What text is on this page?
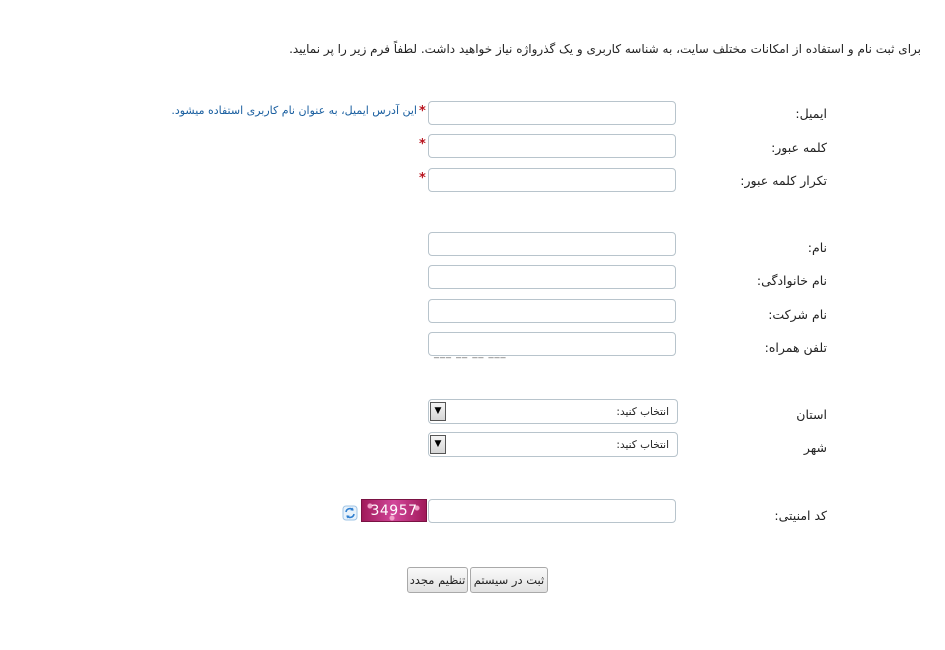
برای ثبت نام و استفاده از امکانات مختلف سایت، به شناسه کاربری و یک گذرواژه نیاز خواهید داشت. لطفاً فرم زیر را پر نمایید.
ایمیل:
*
این آدرس ایمیل، به عنوان نام کاربری استفاده میشود.
کلمه عبور:
*
تکرار کلمه عبور:
*
نام:
نام خانوادگی:
نام شرکت:
تلفن همراه:
___ __ __ ___
استان
▼	انتخاب کنید:
شهر
▼	انتخاب کنید:
کد امنیتی:
34957
ثبت در سیستم
تنظیم مجدد
